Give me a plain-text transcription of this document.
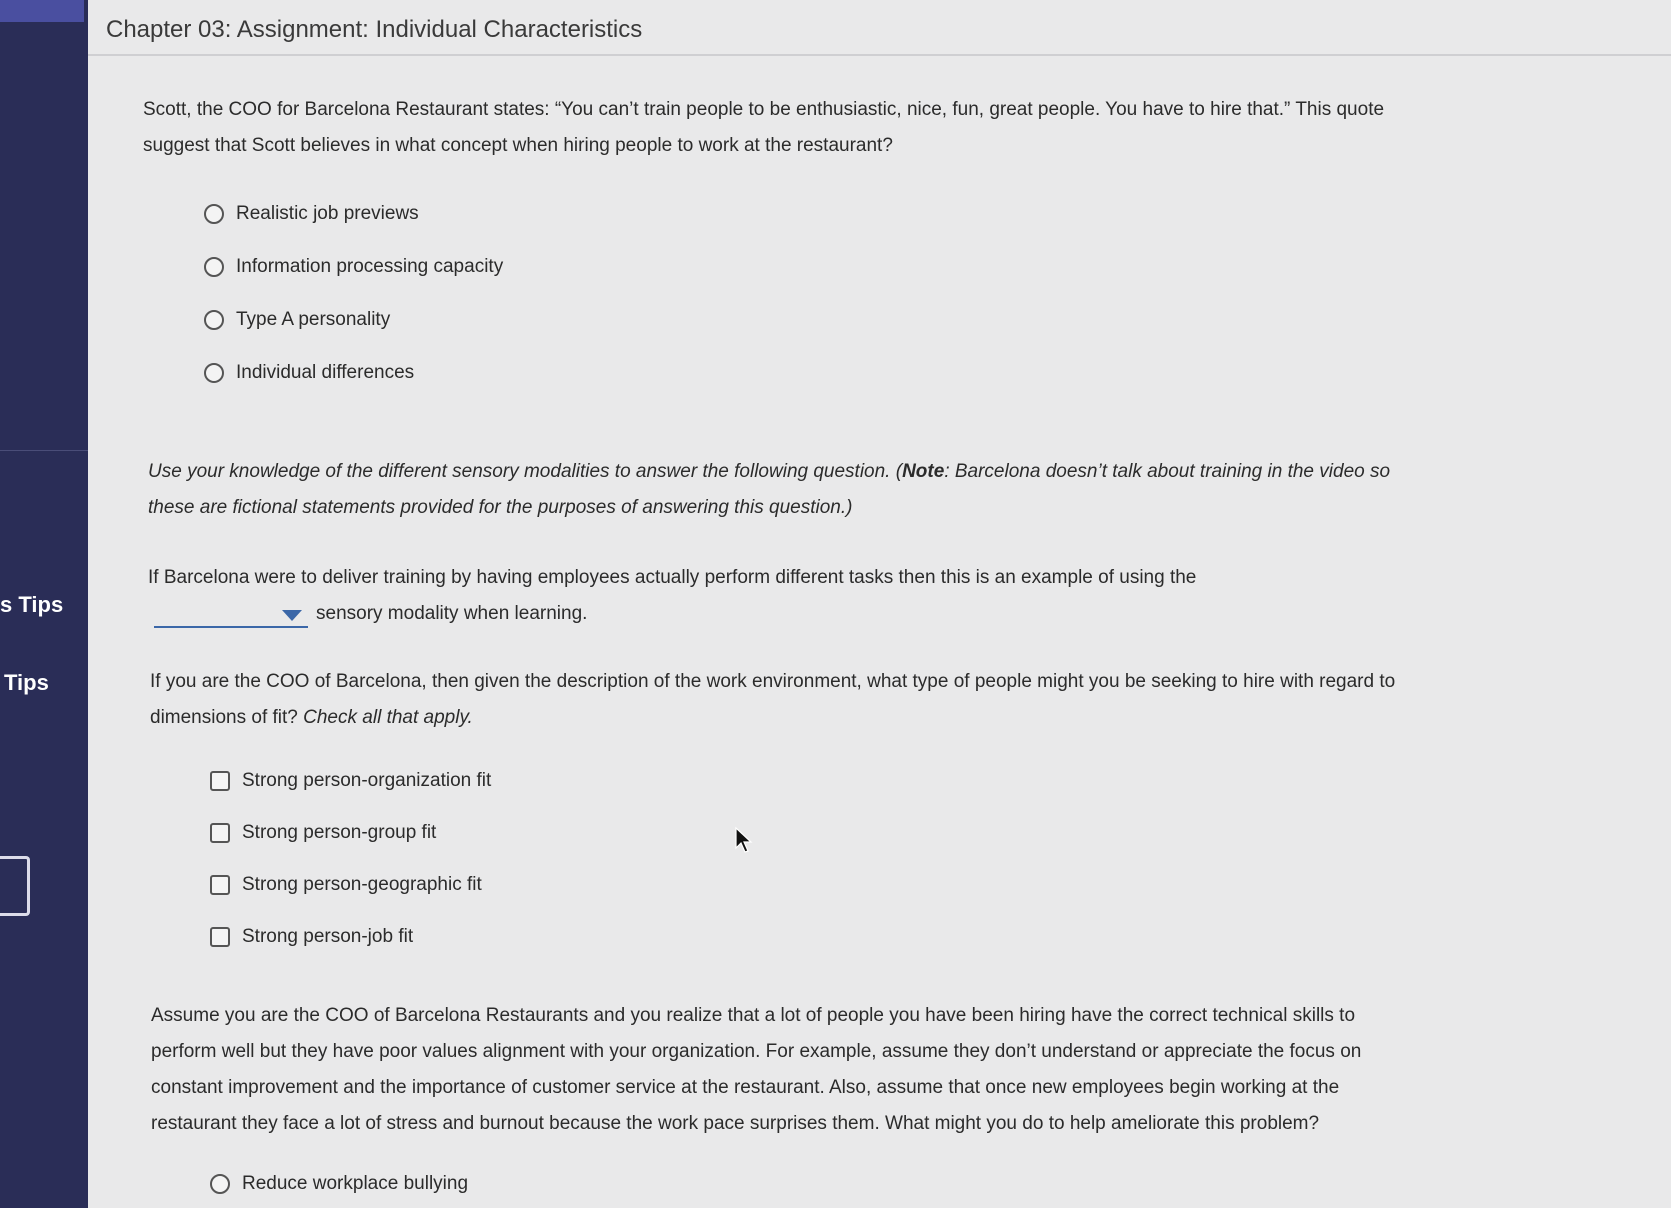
s Tips
Tips
Chapter 03: Assignment: Individual Characteristics
Scott, the COO for Barcelona Restaurant states: “You can’t train people to be enthusiastic, nice, fun, great people. You have to hire that.” This quote
suggest that Scott believes in what concept when hiring people to work at the restaurant?
Realistic job previews
Information processing capacity
Type A personality
Individual differences
Use your knowledge of the different sensory modalities to answer the following question. (Note: Barcelona doesn’t talk about training in the video so
these are fictional statements provided for the purposes of answering this question.)
If Barcelona were to deliver training by having employees actually perform different tasks then this is an example of using the
sensory modality when learning.
If you are the COO of Barcelona, then given the description of the work environment, what type of people might you be seeking to hire with regard to
dimensions of fit? Check all that apply.
Strong person-organization fit
Strong person-group fit
Strong person-geographic fit
Strong person-job fit
Assume you are the COO of Barcelona Restaurants and you realize that a lot of people you have been hiring have the correct technical skills to
perform well but they have poor values alignment with your organization. For example, assume they don’t understand or appreciate the focus on
constant improvement and the importance of customer service at the restaurant. Also, assume that once new employees begin working at the
restaurant they face a lot of stress and burnout because the work pace surprises them. What might you do to help ameliorate this problem?
Reduce workplace bullying
